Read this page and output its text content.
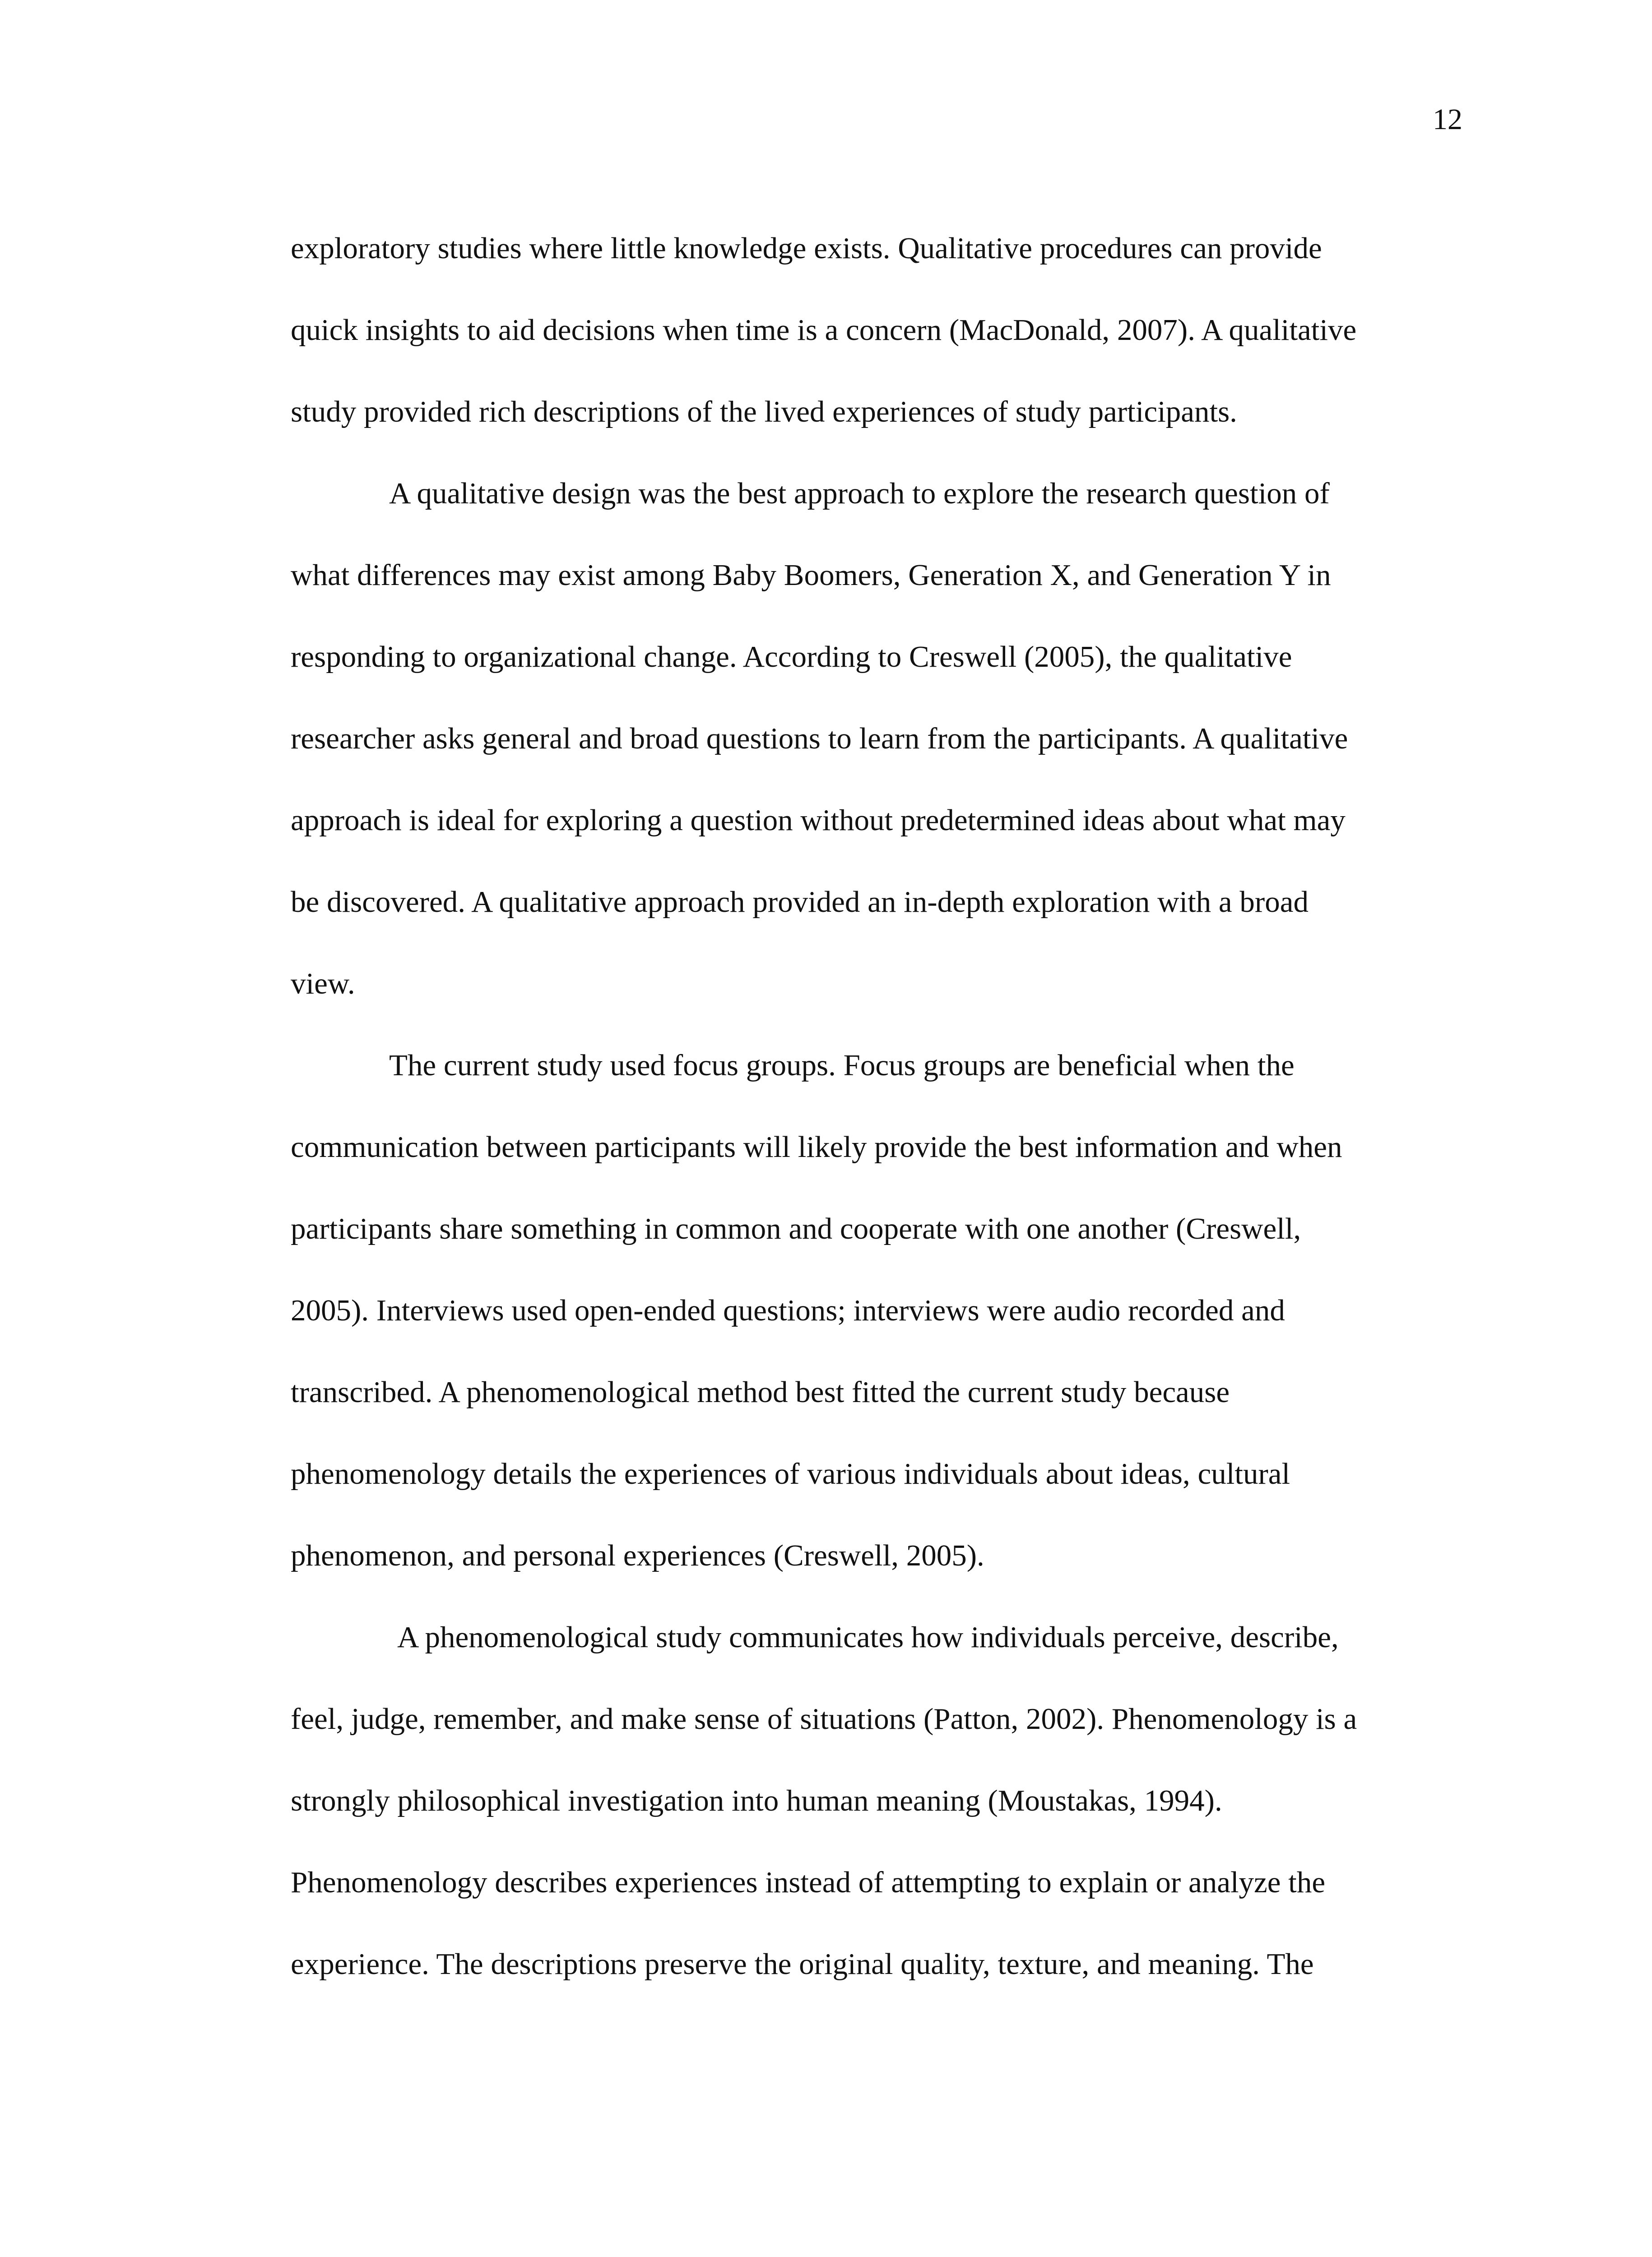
12
exploratory studies where little knowledge exists. Qualitative procedures can provide
quick insights to aid decisions when time is a concern (MacDonald, 2007). A qualitative
study provided rich descriptions of the lived experiences of study participants.
A qualitative design was the best approach to explore the research question of
what differences may exist among Baby Boomers, Generation X, and Generation Y in
responding to organizational change. According to Creswell (2005), the qualitative
researcher asks general and broad questions to learn from the participants. A qualitative
approach is ideal for exploring a question without predetermined ideas about what may
be discovered. A qualitative approach provided an in-depth exploration with a broad
view.
The current study used focus groups. Focus groups are beneficial when the
communication between participants will likely provide the best information and when
participants share something in common and cooperate with one another (Creswell,
2005). Interviews used open-ended questions; interviews were audio recorded and
transcribed. A phenomenological method best fitted the current study because
phenomenology details the experiences of various individuals about ideas, cultural
phenomenon, and personal experiences (Creswell, 2005).
A phenomenological study communicates how individuals perceive, describe,
feel, judge, remember, and make sense of situations (Patton, 2002). Phenomenology is a
strongly philosophical investigation into human meaning (Moustakas, 1994).
Phenomenology describes experiences instead of attempting to explain or analyze the
experience. The descriptions preserve the original quality, texture, and meaning. The
